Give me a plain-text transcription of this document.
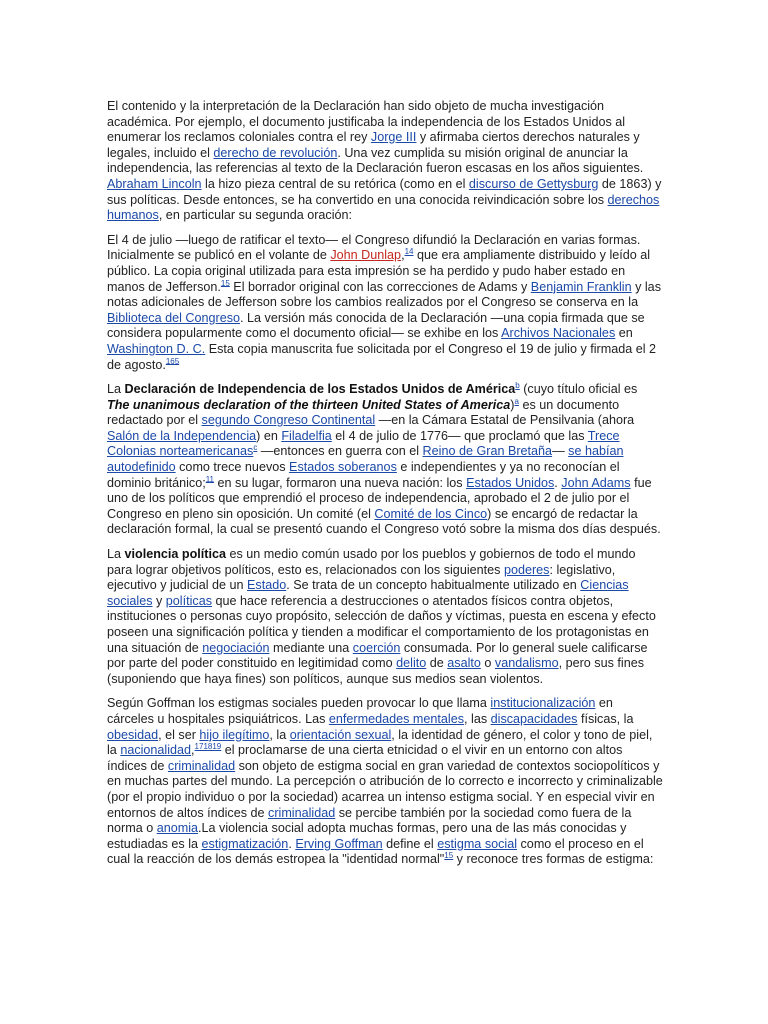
El contenido y la interpretación de la Declaración han sido objeto de mucha investigación académica. Por ejemplo, el documento justificaba la independencia de los Estados Unidos al enumerar los reclamos coloniales contra el rey Jorge III y afirmaba ciertos derechos naturales y legales, incluido el derecho de revolución. Una vez cumplida su misión original de anunciar la independencia, las referencias al texto de la Declaración fueron escasas en los años siguientes. Abraham Lincoln la hizo pieza central de su retórica (como en el discurso de Gettysburg de 1863) y sus políticas. Desde entonces, se ha convertido en una conocida reivindicación sobre los derechos humanos, en particular su segunda oración:

El 4 de julio —luego de ratificar el texto— el Congreso difundió la Declaración en varias formas. Inicialmente se publicó en el volante de John Dunlap,$^{14}$ que era ampliamente distribuido y leído al público. La copia original utilizada para esta impresión se ha perdido y pudo haber estado en manos de Jefferson.$^{15}$ El borrador original con las correcciones de Adams y Benjamin Franklin y las notas adicionales de Jefferson sobre los cambios realizados por el Congreso se conserva en la Biblioteca del Congreso. La versión más conocida de la Declaración —una copia firmada que se considera popularmente como el documento oficial— se exhibe en los Archivos Nacionales en Washington D. C. Esta copia manuscrita fue solicitada por el Congreso el 19 de julio y firmada el 2 de agosto.$^{165}$

La Declaración de Independencia de los Estados Unidos de América$^b$ (cuyo título oficial es The unanimous declaration of the thirteen United States of America)$^a$ es un documento redactado por el segundo Congreso Continental —en la Cámara Estatal de Pensilvania (ahora Salón de la Independencia) en Filadelfia el 4 de julio de 1776— que proclamó que las Trece Colonias norteamericanas$^c$ —entonces en guerra con el Reino de Gran Bretaña— se habían autodefinido como trece nuevos Estados soberanos e independientes y ya no reconocían el dominio británico;$^{11}$ en su lugar, formaron una nueva nación: los Estados Unidos. John Adams fue uno de los políticos que emprendió el proceso de independencia, aprobado el 2 de julio por el Congreso en pleno sin oposición. Un comité (el Comité de los Cinco) se encargó de redactar la declaración formal, la cual se presentó cuando el Congreso votó sobre la misma dos días después.

La violencia política es un medio común usado por los pueblos y gobiernos de todo el mundo para lograr objetivos políticos, esto es, relacionados con los siguientes poderes: legislativo, ejecutivo y judicial de un Estado. Se trata de un concepto habitualmente utilizado en Ciencias sociales y políticas que hace referencia a destrucciones o atentados físicos contra objetos, instituciones o personas cuyo propósito, selección de daños y víctimas, puesta en escena y efecto poseen una significación política y tienden a modificar el comportamiento de los protagonistas en una situación de negociación mediante una coerción consumada. Por lo general suele calificarse por parte del poder constituido en legitimidad como delito de asalto o vandalismo, pero sus fines (suponiendo que haya fines) son políticos, aunque sus medios sean violentos.

Según Goffman los estigmas sociales pueden provocar lo que llama institucionalización en cárceles u hospitales psiquiátricos. Las enfermedades mentales, las discapacidades físicas, la obesidad, el ser hijo ilegítimo, la orientación sexual, la identidad de género, el color y tono de piel, la nacionalidad,$^{171819}$ el proclamarse de una cierta etnicidad o el vivir en un entorno con altos índices de criminalidad son objeto de estigma social en gran variedad de contextos sociopolíticos y en muchas partes del mundo. La percepción o atribución de lo correcto e incorrecto y criminalizable (por el propio individuo o por la sociedad) acarrea un intenso estigma social. Y en especial vivir en entornos de altos índices de criminalidad se percibe también por la sociedad como fuera de la norma o anomia.La violencia social adopta muchas formas, pero una de las más conocidas y estudiadas es la estigmatización. Erving Goffman define el estigma social como el proceso en el cual la reacción de los demás estropea la "identidad normal"$^{15}$ y reconoce tres formas de estigma:
